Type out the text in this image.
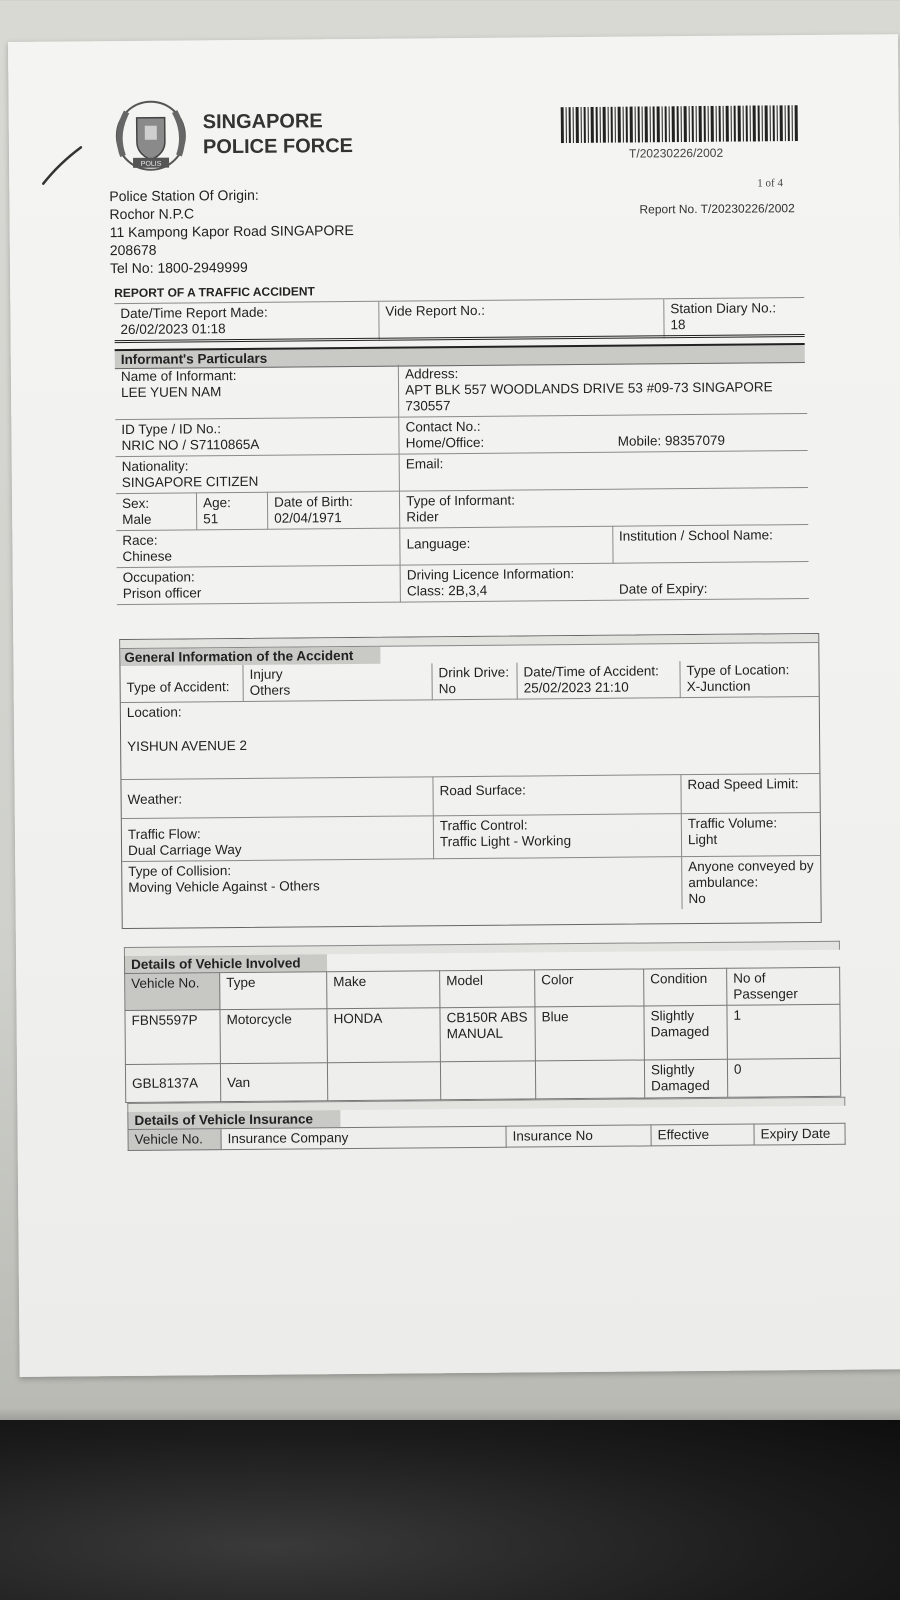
POLIS
SINGAPORE
POLICE FORCE	T/20230226/2002
1 of 4
Report No. T/20230226/2002
Police Station Of Origin:
Rochor N.P.C
11 Kampong Kapor Road SINGAPORE
208678
Tel No: 1800-2949999
REPORT OF A TRAFFIC ACCIDENT
Date/Time Report Made:
26/02/2023 01:18

Vide Report No.:	Station Diary No.:
18
Informant's Particulars
Name of Informant:
LEE YUEN NAM			Address:
APT BLK 557 WOODLANDS DRIVE 53 #09-73 SINGAPORE
730557	

ID Type / ID No.:
NRIC NO / S7110865A			Contact No.:
Home/Office:	Mobile: 98357079

Nationality:
SINGAPORE CITIZEN			Email:	

Sex:
Male	Age:
51	Date of Birth:
02/04/1971	Type of Informant:
Rider	

Race:
Chinese			Language:	Institution / School Name:

Occupation:
Prison officer			Driving Licence Information:
Class: 2B,3,4	Date of Expiry:
General Information of the Accident
Type of Accident:	Injury
Others	Drink Drive:
No	Date/Time of Accident:
25/02/2023 21:10	Type of Location:
X-Junction

Location:
YISHUN AVENUE 2				

Weather:		Road Surface:		Road Speed Limit:

Traffic Flow:
Dual Carriage Way		Traffic Control:
Traffic Light - Working		Traffic Volume:
Light

Type of Collision:
Moving Vehicle Against - Others				Anyone conveyed by ambulance:
No
Details of Vehicle Involved
Vehicle No.	Type	Make	Model	Color	Condition	No of Passenger
FBN5597P	Motorcycle	HONDA	CB150R ABS MANUAL	Blue	Slightly Damaged	1
GBL8137A	Van				Slightly Damaged	0
Details of Vehicle Insurance
Vehicle No.	Insurance Company	Insurance No	Effective	Expiry Date
